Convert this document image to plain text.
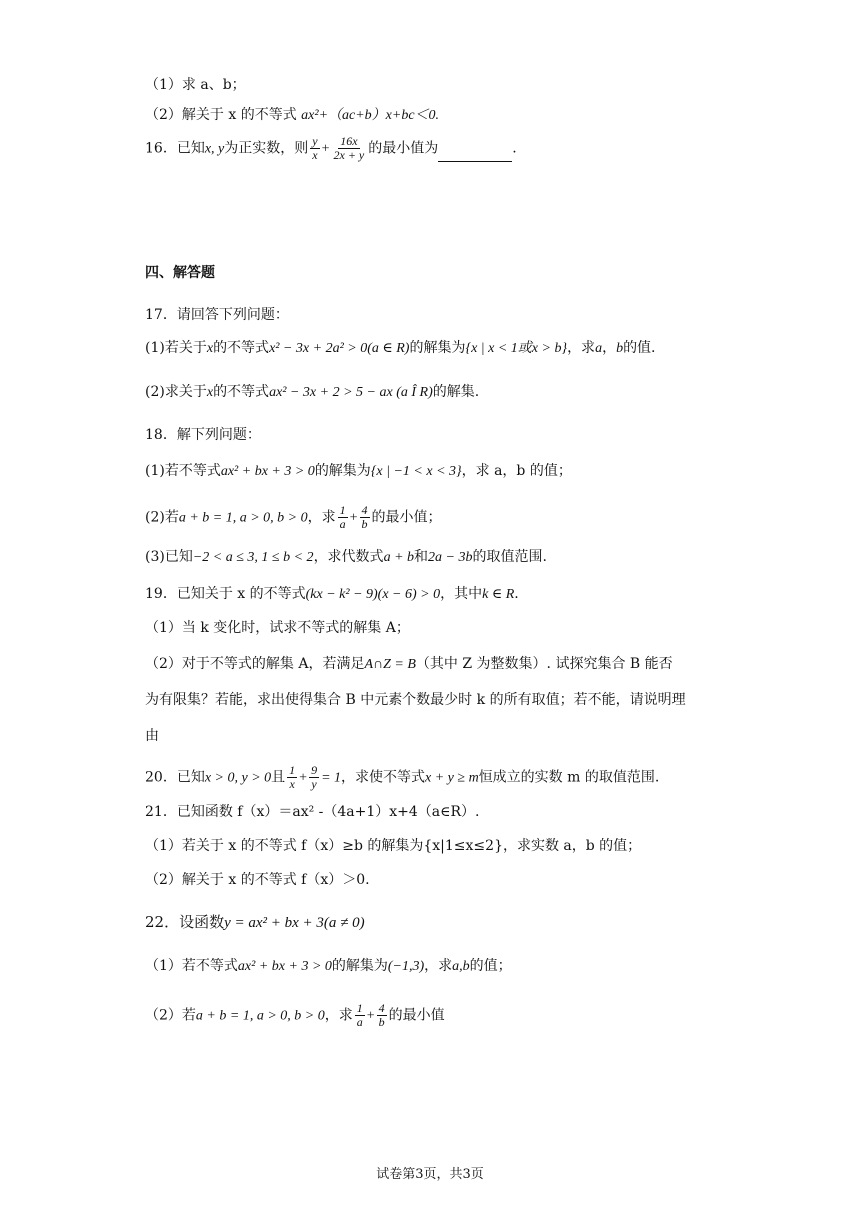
（1）求 a、b；
（2）解关于 x 的不等式 ax²+（ac+b）x+bc＜0.
16．已知x, y为正实数，则 $\frac{y}{x} + \frac{16x}{2x + y}$ 的最小值为	.
四、解答题
17．请回答下列问题：
(1)若关于x的不等式x² − 3x + 2a² > 0(a ∈ R)的解集为{x | x < 1或x > b}，求a，b的值.
(2)求关于x的不等式ax² − 3x + 2 > 5 − ax (a Î R)的解集.
18．解下列问题：
(1)若不等式ax² + bx + 3 > 0的解集为{x | −1 < x < 3}，求 a，b 的值；
(2)若a + b = 1, a > 0, b > 0，求 $\frac{1}{a} + \frac{4}{b}$ 的最小值；
(3)已知−2 < a ≤ 3, 1 ≤ b < 2，求代数式a + b和2a − 3b的取值范围.
19．已知关于 x 的不等式(kx − k² − 9)(x − 6) > 0，其中k ∈ R.
（1）当 k 变化时，试求不等式的解集 A；
（2）对于不等式的解集 A，若满足A∩Z = B（其中 Z 为整数集）. 试探究集合 B 能否
为有限集？若能，求出使得集合 B 中元素个数最少时 k 的所有取值；若不能，请说明理
由
20．已知x > 0, y > 0且 $\frac{1}{x} + \frac{9}{y} = 1$，求使不等式x + y ≥ m恒成立的实数 m 的取值范围.
21．已知函数 f（x）＝ax² -（4a+1）x+4（a∈R）.
（1）若关于 x 的不等式 f（x）≥b 的解集为{x|1≤x≤2}，求实数 a，b 的值；
（2）解关于 x 的不等式 f（x）＞0.
22．设函数y = ax² + bx + 3(a ≠ 0)
（1）若不等式ax² + bx + 3 > 0的解集为(−1,3)，求a,b的值；
（2）若a + b = 1, a > 0, b > 0，求 $\frac{1}{a} + \frac{4}{b}$ 的最小值
试卷第3页，共3页
